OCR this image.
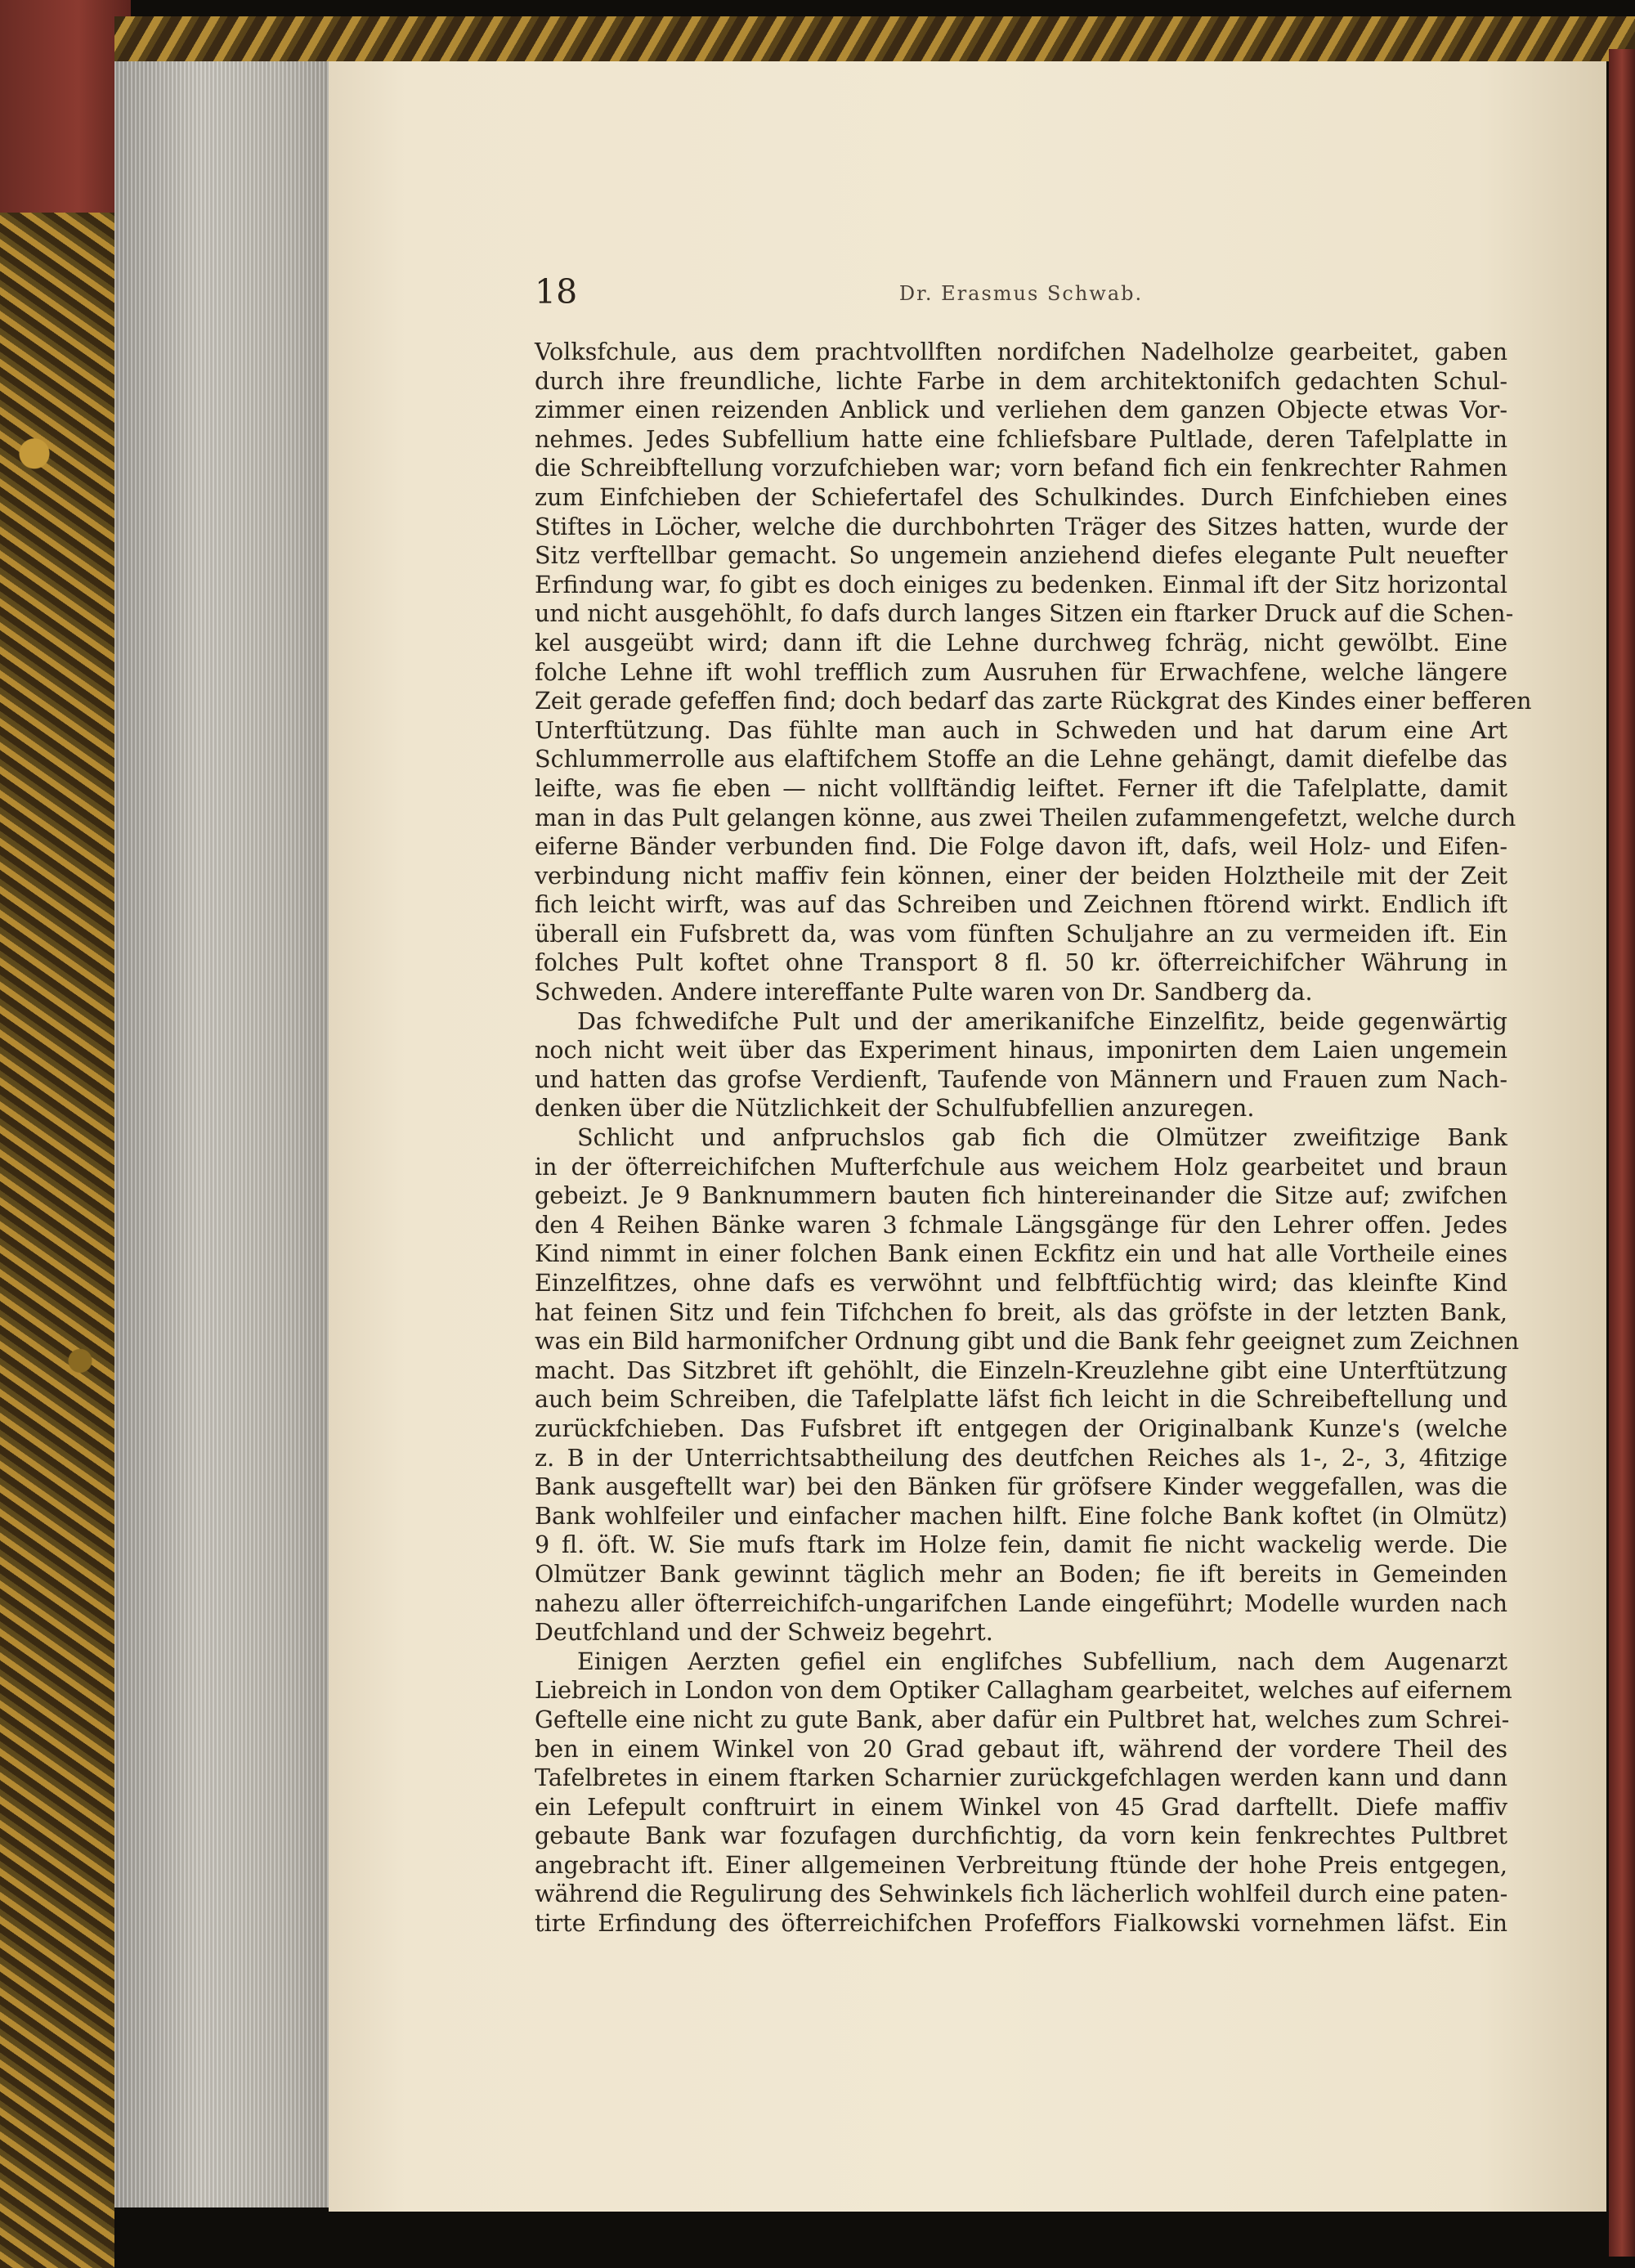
18	Dr. Erasmus Schwab.

Volksfchule, aus dem prachtvollften nordifchen Nadelholze gearbeitet, gaben

durch ihre freundliche, lichte Farbe in dem architektonifch gedachten Schul-

zimmer einen reizenden Anblick und verliehen dem ganzen Objecte etwas Vor-

nehmes. Jedes Subfellium hatte eine fchliefsbare Pultlade, deren Tafelplatte in

die Schreibftellung vorzufchieben war; vorn befand fich ein fenkrechter Rahmen

zum Einfchieben der Schiefertafel des Schulkindes. Durch Einfchieben eines

Stiftes in Löcher, welche die durchbohrten Träger des Sitzes hatten, wurde der

Sitz verftellbar gemacht. So ungemein anziehend diefes elegante Pult neuefter

Erfindung war, fo gibt es doch einiges zu bedenken. Einmal ift der Sitz horizontal

und nicht ausgehöhlt, fo dafs durch langes Sitzen ein ftarker Druck auf die Schen-

kel ausgeübt wird; dann ift die Lehne durchweg fchräg, nicht gewölbt. Eine

folche Lehne ift wohl trefflich zum Ausruhen für Erwachfene, welche längere

Zeit gerade gefeffen find; doch bedarf das zarte Rückgrat des Kindes einer befferen

Unterftützung. Das fühlte man auch in Schweden und hat darum eine Art

Schlummerrolle aus elaftifchem Stoffe an die Lehne gehängt, damit diefelbe das

leifte, was fie eben — nicht vollftändig leiftet. Ferner ift die Tafelplatte, damit

man in das Pult gelangen könne, aus zwei Theilen zufammengefetzt, welche durch

eiferne Bänder verbunden find. Die Folge davon ift, dafs, weil Holz- und Eifen-

verbindung nicht maffiv fein können, einer der beiden Holztheile mit der Zeit

fich leicht wirft, was auf das Schreiben und Zeichnen ftörend wirkt. Endlich ift

überall ein Fufsbrett da, was vom fünften Schuljahre an zu vermeiden ift. Ein

folches Pult koftet ohne Transport 8 fl. 50 kr. öfterreichifcher Währung in

Schweden. Andere intereffante Pulte waren von Dr. Sandberg da.

Das fchwedifche Pult und der amerikanifche Einzelfitz, beide gegenwärtig

noch nicht weit über das Experiment hinaus, imponirten dem Laien ungemein

und hatten das grofse Verdienft, Taufende von Männern und Frauen zum Nach-

denken über die Nützlichkeit der Schulfubfellien anzuregen.

Schlicht und anfpruchslos gab fich die Olmützer zweifitzige Bank

in der öfterreichifchen Mufterfchule aus weichem Holz gearbeitet und braun

gebeizt. Je 9 Banknummern bauten fich hintereinander die Sitze auf; zwifchen

den 4 Reihen Bänke waren 3 fchmale Längsgänge für den Lehrer offen. Jedes

Kind nimmt in einer folchen Bank einen Eckfitz ein und hat alle Vortheile eines

Einzelfitzes, ohne dafs es verwöhnt und felbftfüchtig wird; das kleinfte Kind

hat feinen Sitz und fein Tifchchen fo breit, als das gröfste in der letzten Bank,

was ein Bild harmonifcher Ordnung gibt und die Bank fehr geeignet zum Zeichnen

macht. Das Sitzbret ift gehöhlt, die Einzeln-Kreuzlehne gibt eine Unterftützung

auch beim Schreiben, die Tafelplatte läfst fich leicht in die Schreibeftellung und

zurückfchieben. Das Fufsbret ift entgegen der Originalbank Kunze's (welche

z. B in der Unterrichtsabtheilung des deutfchen Reiches als 1-, 2-, 3, 4fitzige

Bank ausgeftellt war) bei den Bänken für gröfsere Kinder weggefallen, was die

Bank wohlfeiler und einfacher machen hilft. Eine folche Bank koftet (in Olmütz)

9 fl. öft. W. Sie mufs ftark im Holze fein, damit fie nicht wackelig werde. Die

Olmützer Bank gewinnt täglich mehr an Boden; fie ift bereits in Gemeinden

nahezu aller öfterreichifch-ungarifchen Lande eingeführt; Modelle wurden nach

Deutfchland und der Schweiz begehrt.

Einigen Aerzten gefiel ein englifches Subfellium, nach dem Augenarzt

Liebreich in London von dem Optiker Callagham gearbeitet, welches auf eifernem

Geftelle eine nicht zu gute Bank, aber dafür ein Pultbret hat, welches zum Schrei-

ben in einem Winkel von 20 Grad gebaut ift, während der vordere Theil des

Tafelbretes in einem ftarken Scharnier zurückgefchlagen werden kann und dann

ein Lefepult conftruirt in einem Winkel von 45 Grad darftellt. Diefe maffiv

gebaute Bank war fozufagen durchfichtig, da vorn kein fenkrechtes Pultbret

angebracht ift. Einer allgemeinen Verbreitung ftünde der hohe Preis entgegen,

während die Regulirung des Sehwinkels fich lächerlich wohlfeil durch eine paten-

tirte Erfindung des öfterreichifchen Profeffors Fialkowski vornehmen läfst. Ein
